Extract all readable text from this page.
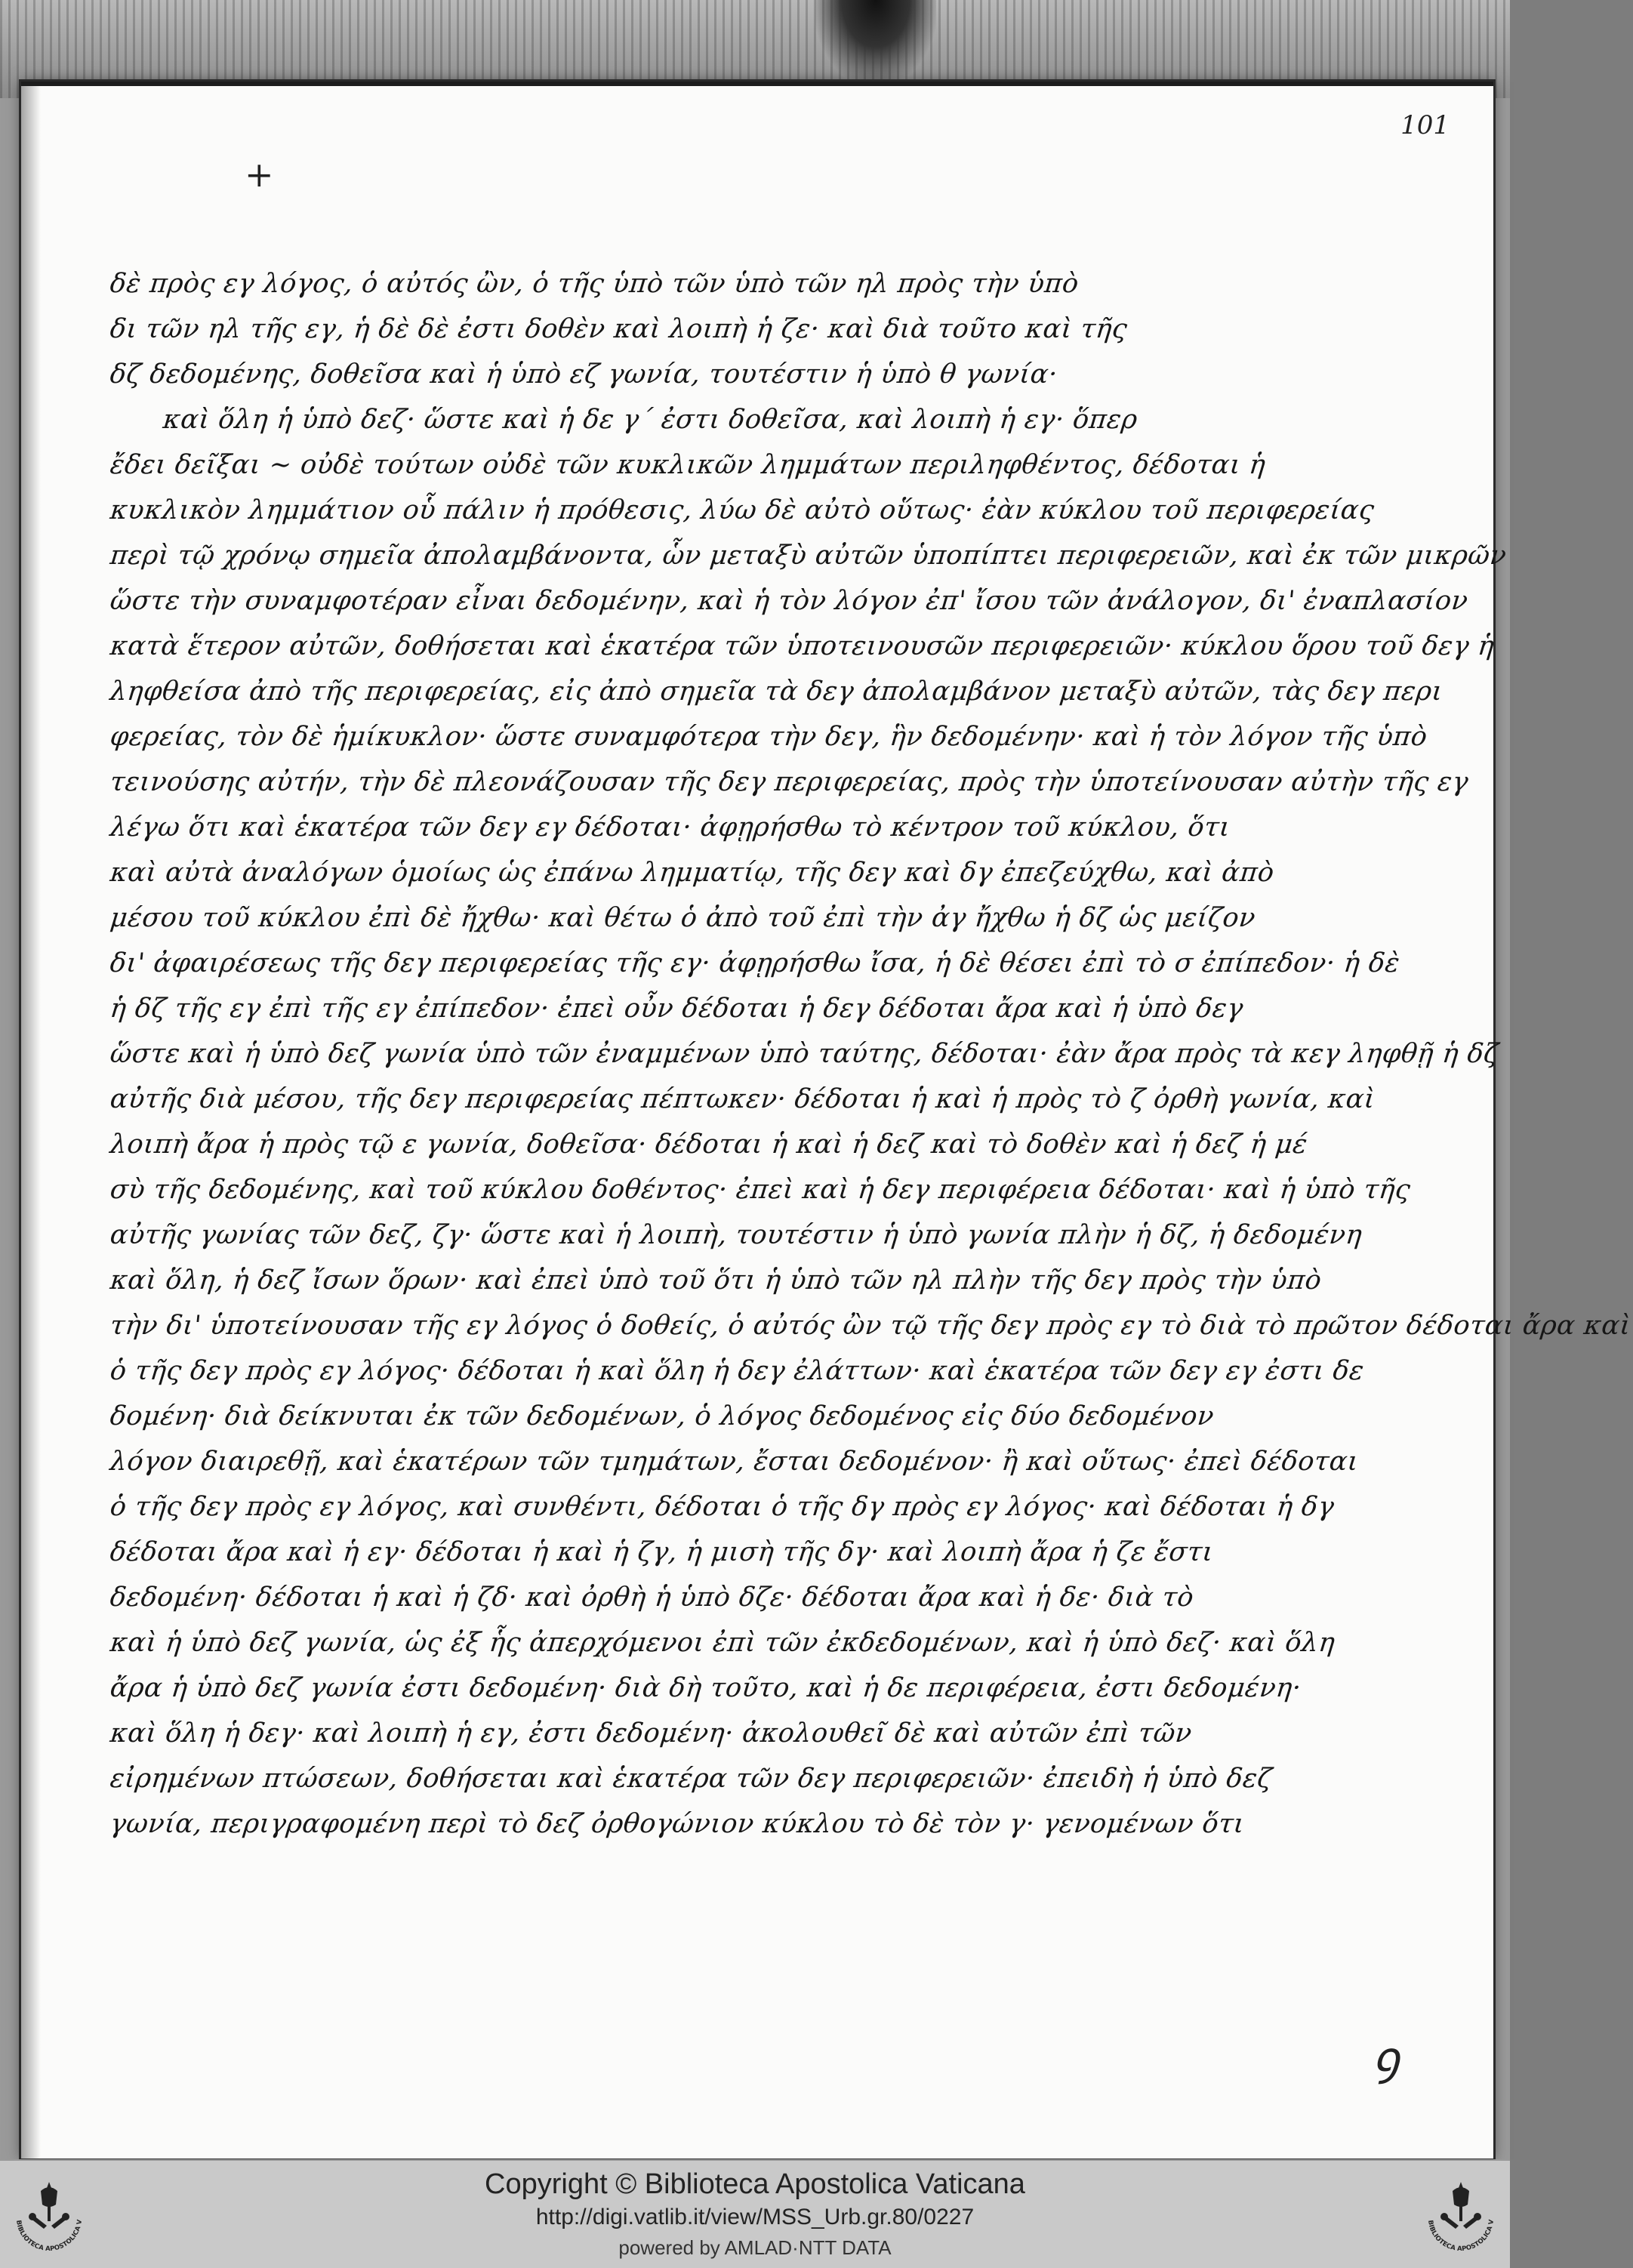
101
+
δὲ πρὸς εγ λόγος, ὁ αὐτός ὢν, ὁ τῆς ὑπὸ τῶν ὑπὸ τῶν ηλ πρὸς τὴν ὑπὸ
δι τῶν ηλ τῆς εγ, ἡ δὲ δὲ ἐστι δοθὲν καὶ λοιπὴ ἡ ζε· καὶ διὰ τοῦτο καὶ τῆς
δζ δεδομένης, δοθεῖσα καὶ ἡ ὑπὸ εζ γωνία, τουτέστιν ἡ ὑπὸ θ γωνία·
καὶ ὅλη ἡ ὑπὸ δεζ· ὥστε καὶ ἡ δε γ΄ ἐστι δοθεῖσα, καὶ λοιπὴ ἡ εγ· ὅπερ
ἔδει δεῖξαι ~ οὐδὲ τούτων οὐδὲ τῶν κυκλικῶν λημμάτων περιληφθέντος, δέδοται ἡ
κυκλικὸν λημμάτιον οὗ πάλιν ἡ πρόθεσις, λύω δὲ αὐτὸ οὕτως· ἐὰν κύκλου τοῦ περιφερείας
περὶ τῷ χρόνῳ σημεῖα ἀπολαμβάνοντα, ὧν μεταξὺ αὐτῶν ὑποπίπτει περιφερειῶν, καὶ ἐκ τῶν μικρῶν
ὥστε τὴν συναμφοτέραν εἶναι δεδομένην, καὶ ἡ τὸν λόγον ἐπ' ἴσου τῶν ἀνάλογον, δι' ἐναπλασίον
κατὰ ἕτερον αὐτῶν, δοθήσεται καὶ ἑκατέρα τῶν ὑποτεινουσῶν περιφερειῶν· κύκλου ὅρου τοῦ δεγ ἡ
ληφθείσα ἀπὸ τῆς περιφερείας, εἰς ἀπὸ σημεῖα τὰ δεγ ἀπολαμβάνον μεταξὺ αὐτῶν, τὰς δεγ περι
φερείας, τὸν δὲ ἡμίκυκλον· ὥστε συναμφότερα τὴν δεγ, ἣν δεδομένην· καὶ ἡ τὸν λόγον τῆς ὑπὸ
τεινούσης αὐτήν, τὴν δὲ πλεονάζουσαν τῆς δεγ περιφερείας, πρὸς τὴν ὑποτείνουσαν αὐτὴν τῆς εγ
λέγω ὅτι καὶ ἑκατέρα τῶν δεγ εγ δέδοται· ἀφῃρήσθω τὸ κέντρον τοῦ κύκλου, ὅτι
καὶ αὐτὰ ἀναλόγων ὁμοίως ὡς ἐπάνω λημματίῳ, τῆς δεγ καὶ δγ ἐπεζεύχθω, καὶ ἀπὸ
μέσου τοῦ κύκλου ἐπὶ δὲ ἤχθω· καὶ θέτω ὁ ἀπὸ τοῦ ἐπὶ τὴν ἀγ ἤχθω ἡ δζ ὡς μείζον
δι' ἀφαιρέσεως τῆς δεγ περιφερείας τῆς εγ· ἀφῃρήσθω ἴσα, ἡ δὲ θέσει ἐπὶ τὸ σ ἐπίπεδον· ἡ δὲ
ἡ δζ τῆς εγ ἐπὶ τῆς εγ ἐπίπεδον· ἐπεὶ οὖν δέδοται ἡ δεγ δέδοται ἄρα καὶ ἡ ὑπὸ δεγ
ὥστε καὶ ἡ ὑπὸ δεζ γωνία ὑπὸ τῶν ἐναμμένων ὑπὸ ταύτης, δέδοται· ἐὰν ἄρα πρὸς τὰ κεγ ληφθῇ ἡ δζ
αὐτῆς διὰ μέσου, τῆς δεγ περιφερείας πέπτωκεν· δέδοται ἡ καὶ ἡ πρὸς τὸ ζ ὀρθὴ γωνία, καὶ
λοιπὴ ἄρα ἡ πρὸς τῷ ε γωνία, δοθεῖσα· δέδοται ἡ καὶ ἡ δεζ καὶ τὸ δοθὲν καὶ ἡ δεζ ἡ μέ
σὺ τῆς δεδομένης, καὶ τοῦ κύκλου δοθέντος· ἐπεὶ καὶ ἡ δεγ περιφέρεια δέδοται· καὶ ἡ ὑπὸ τῆς
αὐτῆς γωνίας τῶν δεζ, ζγ· ὥστε καὶ ἡ λοιπὴ, τουτέστιν ἡ ὑπὸ γωνία πλὴν ἡ δζ, ἡ δεδομένη
καὶ ὅλη, ἡ δεζ ἴσων ὅρων· καὶ ἐπεὶ ὑπὸ τοῦ ὅτι ἡ ὑπὸ τῶν ηλ πλὴν τῆς δεγ πρὸς τὴν ὑπὸ
τὴν δι' ὑποτείνουσαν τῆς εγ λόγος ὁ δοθείς, ὁ αὐτός ὢν τῷ τῆς δεγ πρὸς εγ τὸ διὰ τὸ πρῶτον δέδοται ἄρα καὶ
ὁ τῆς δεγ πρὸς εγ λόγος· δέδοται ἡ καὶ ὅλη ἡ δεγ ἐλάττων· καὶ ἑκατέρα τῶν δεγ εγ ἐστι δε
δομένη· διὰ δείκνυται ἐκ τῶν δεδομένων, ὁ λόγος δεδομένος εἰς δύο δεδομένον
λόγον διαιρεθῇ, καὶ ἑκατέρων τῶν τμημάτων, ἔσται δεδομένον· ἢ καὶ οὕτως· ἐπεὶ δέδοται
ὁ τῆς δεγ πρὸς εγ λόγος, καὶ συνθέντι, δέδοται ὁ τῆς δγ πρὸς εγ λόγος· καὶ δέδοται ἡ δγ
δέδοται ἄρα καὶ ἡ εγ· δέδοται ἡ καὶ ἡ ζγ, ἡ μισὴ τῆς δγ· καὶ λοιπὴ ἄρα ἡ ζε ἔστι
δεδομένη· δέδοται ἡ καὶ ἡ ζδ· καὶ ὀρθὴ ἡ ὑπὸ δζε· δέδοται ἄρα καὶ ἡ δε· διὰ τὸ
καὶ ἡ ὑπὸ δεζ γωνία, ὡς ἐξ ἧς ἀπερχόμενοι ἐπὶ τῶν ἐκδεδομένων, καὶ ἡ ὑπὸ δεζ· καὶ ὅλη
ἄρα ἡ ὑπὸ δεζ γωνία ἐστι δεδομένη· διὰ δὴ τοῦτο, καὶ ἡ δε περιφέρεια, ἐστι δεδομένη·
καὶ ὅλη ἡ δεγ· καὶ λοιπὴ ἡ εγ, ἐστι δεδομένη· ἀκολουθεῖ δὲ καὶ αὐτῶν ἐπὶ τῶν
εἰρημένων πτώσεων, δοθήσεται καὶ ἑκατέρα τῶν δεγ περιφερειῶν· ἐπειδὴ ἡ ὑπὸ δεζ
γωνία, περιγραφομένη περὶ τὸ δεζ ὀρθογώνιον κύκλου τὸ δὲ τὸν γ· γενομένων ὅτι
ꝯ
BIBLIOTECA APOSTOLICA V	BIBLIOTECA APOSTOLICA V
Copyright © Biblioteca Apostolica Vaticana
http://digi.vatlib.it/view/MSS_Urb.gr.80/0227
powered by AMLAD·NTT DATA
